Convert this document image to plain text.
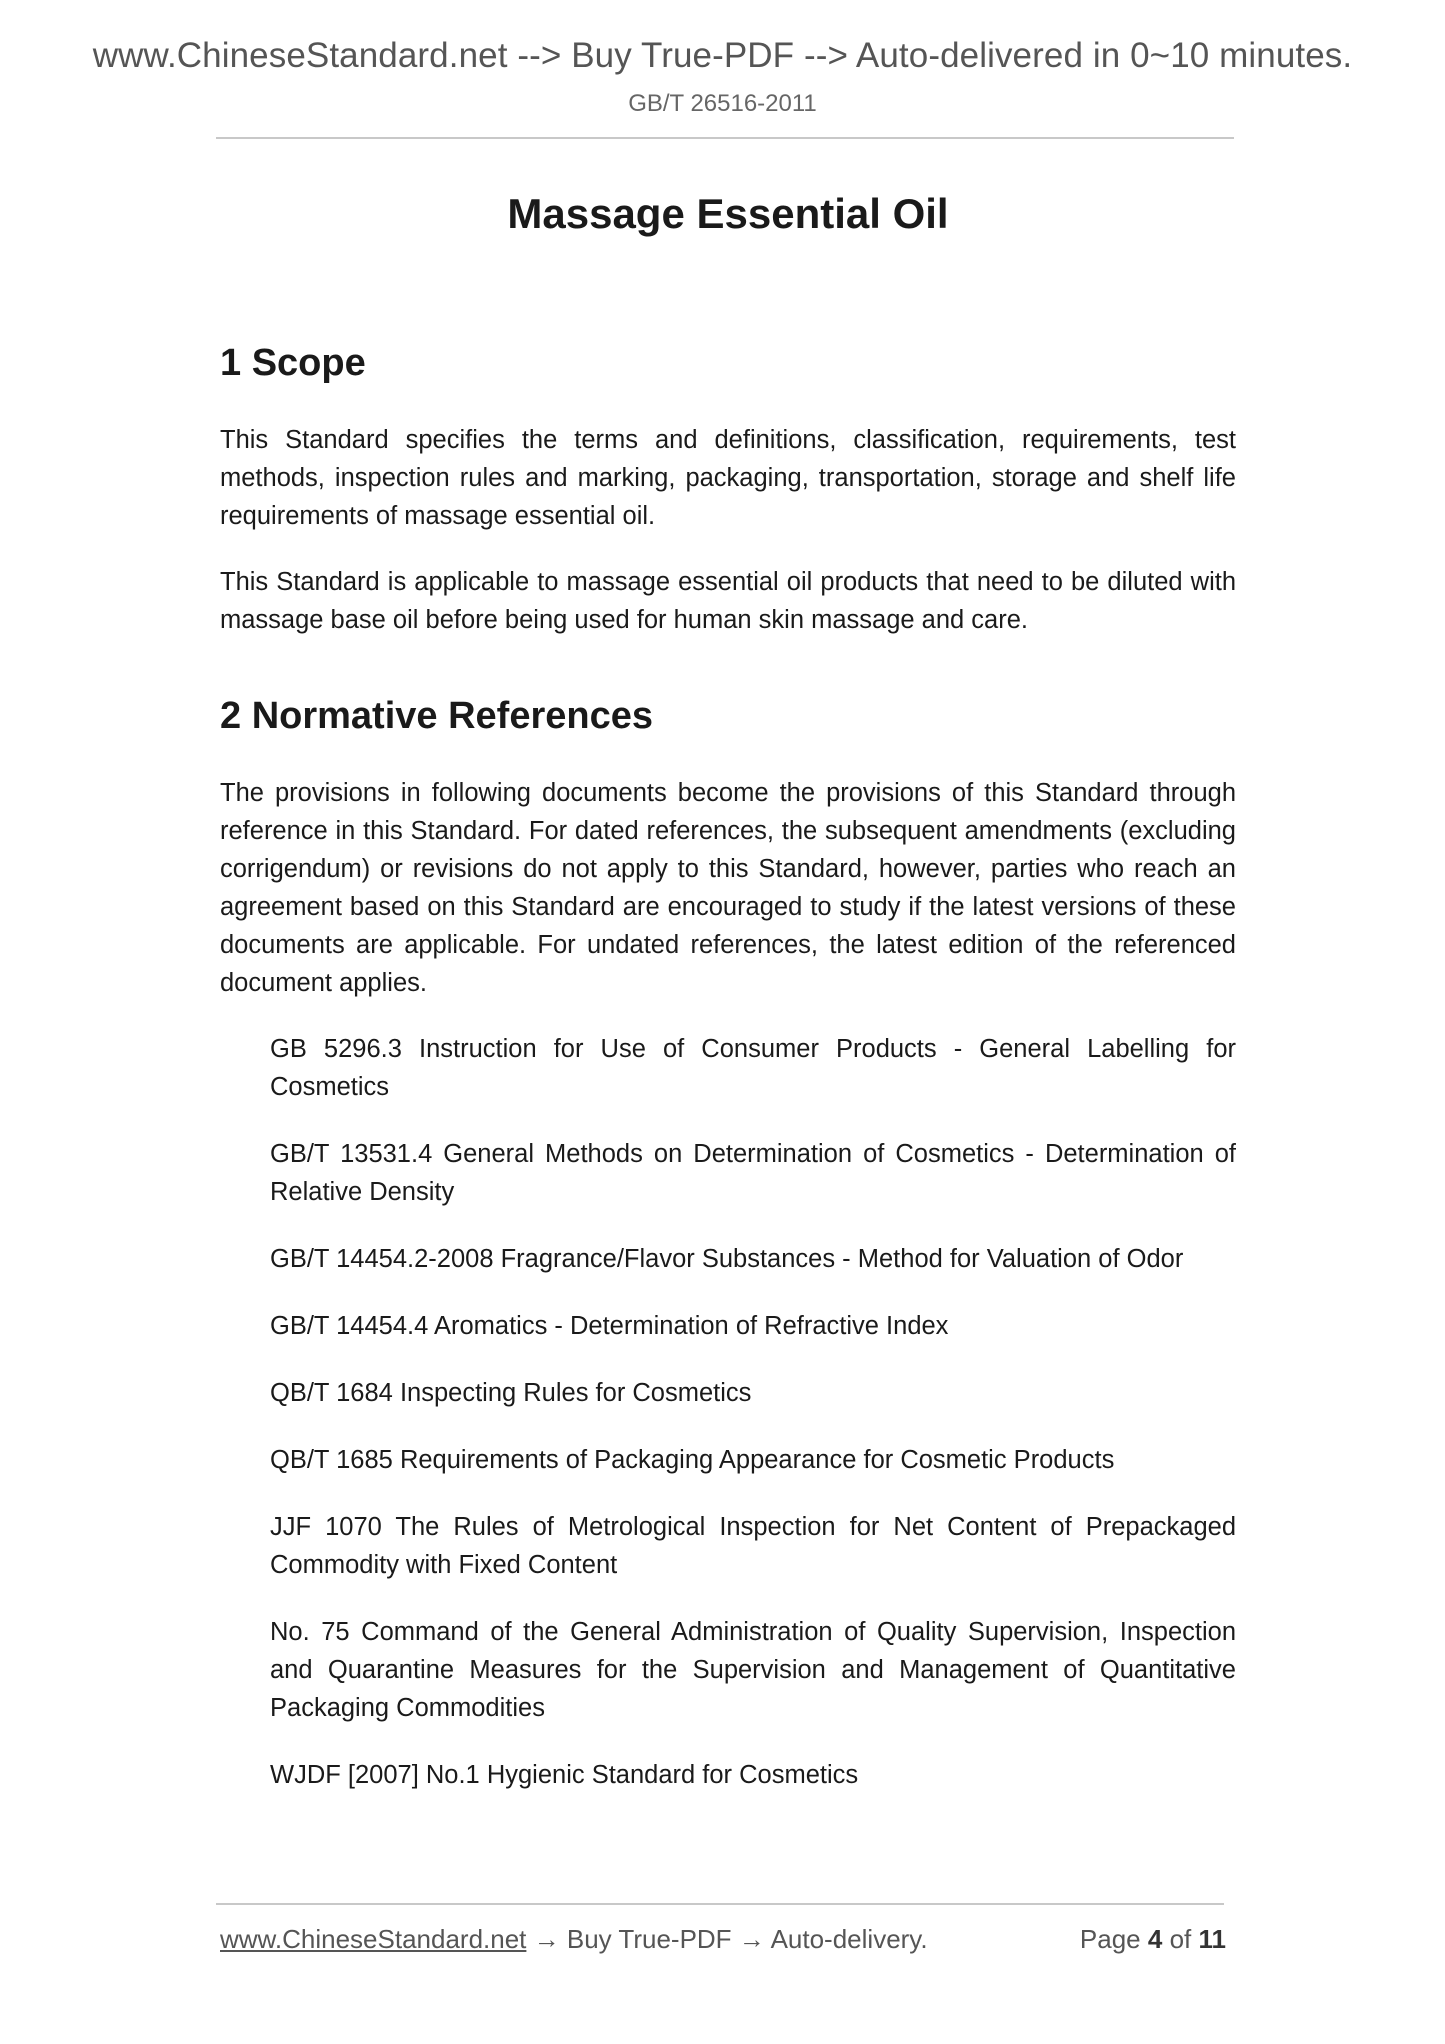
www.ChineseStandard.net --> Buy True-PDF --> Auto-delivered in 0~10 minutes.
GB/T 26516-2011
Massage Essential Oil
1 Scope

This Standard specifies the terms and definitions, classification, requirements, test methods, inspection rules and marking, packaging, transportation, storage and shelf life requirements of massage essential oil.

This Standard is applicable to massage essential oil products that need to be diluted with massage base oil before being used for human skin massage and care.

2 Normative References

The provisions in following documents become the provisions of this Standard through reference in this Standard. For dated references, the subsequent amendments (excluding corrigendum) or revisions do not apply to this Standard, however, parties who reach an agreement based on this Standard are encouraged to study if the latest versions of these documents are applicable. For undated references, the latest edition of the referenced document applies.

GB 5296.3 Instruction for Use of Consumer Products - General Labelling for Cosmetics
GB/T 13531.4 General Methods on Determination of Cosmetics - Determination of Relative Density
GB/T 14454.2-2008 Fragrance/Flavor Substances - Method for Valuation of Odor
GB/T 14454.4 Aromatics - Determination of Refractive Index
QB/T 1684 Inspecting Rules for Cosmetics
QB/T 1685 Requirements of Packaging Appearance for Cosmetic Products
JJF 1070 The Rules of Metrological Inspection for Net Content of Prepackaged Commodity with Fixed Content
No. 75 Command of the General Administration of Quality Supervision, Inspection and Quarantine Measures for the Supervision and Management of Quantitative Packaging Commodities
WJDF [2007] No.1 Hygienic Standard for Cosmetics
www.ChineseStandard.net → Buy True-PDF → Auto-delivery.	Page 4 of 11
